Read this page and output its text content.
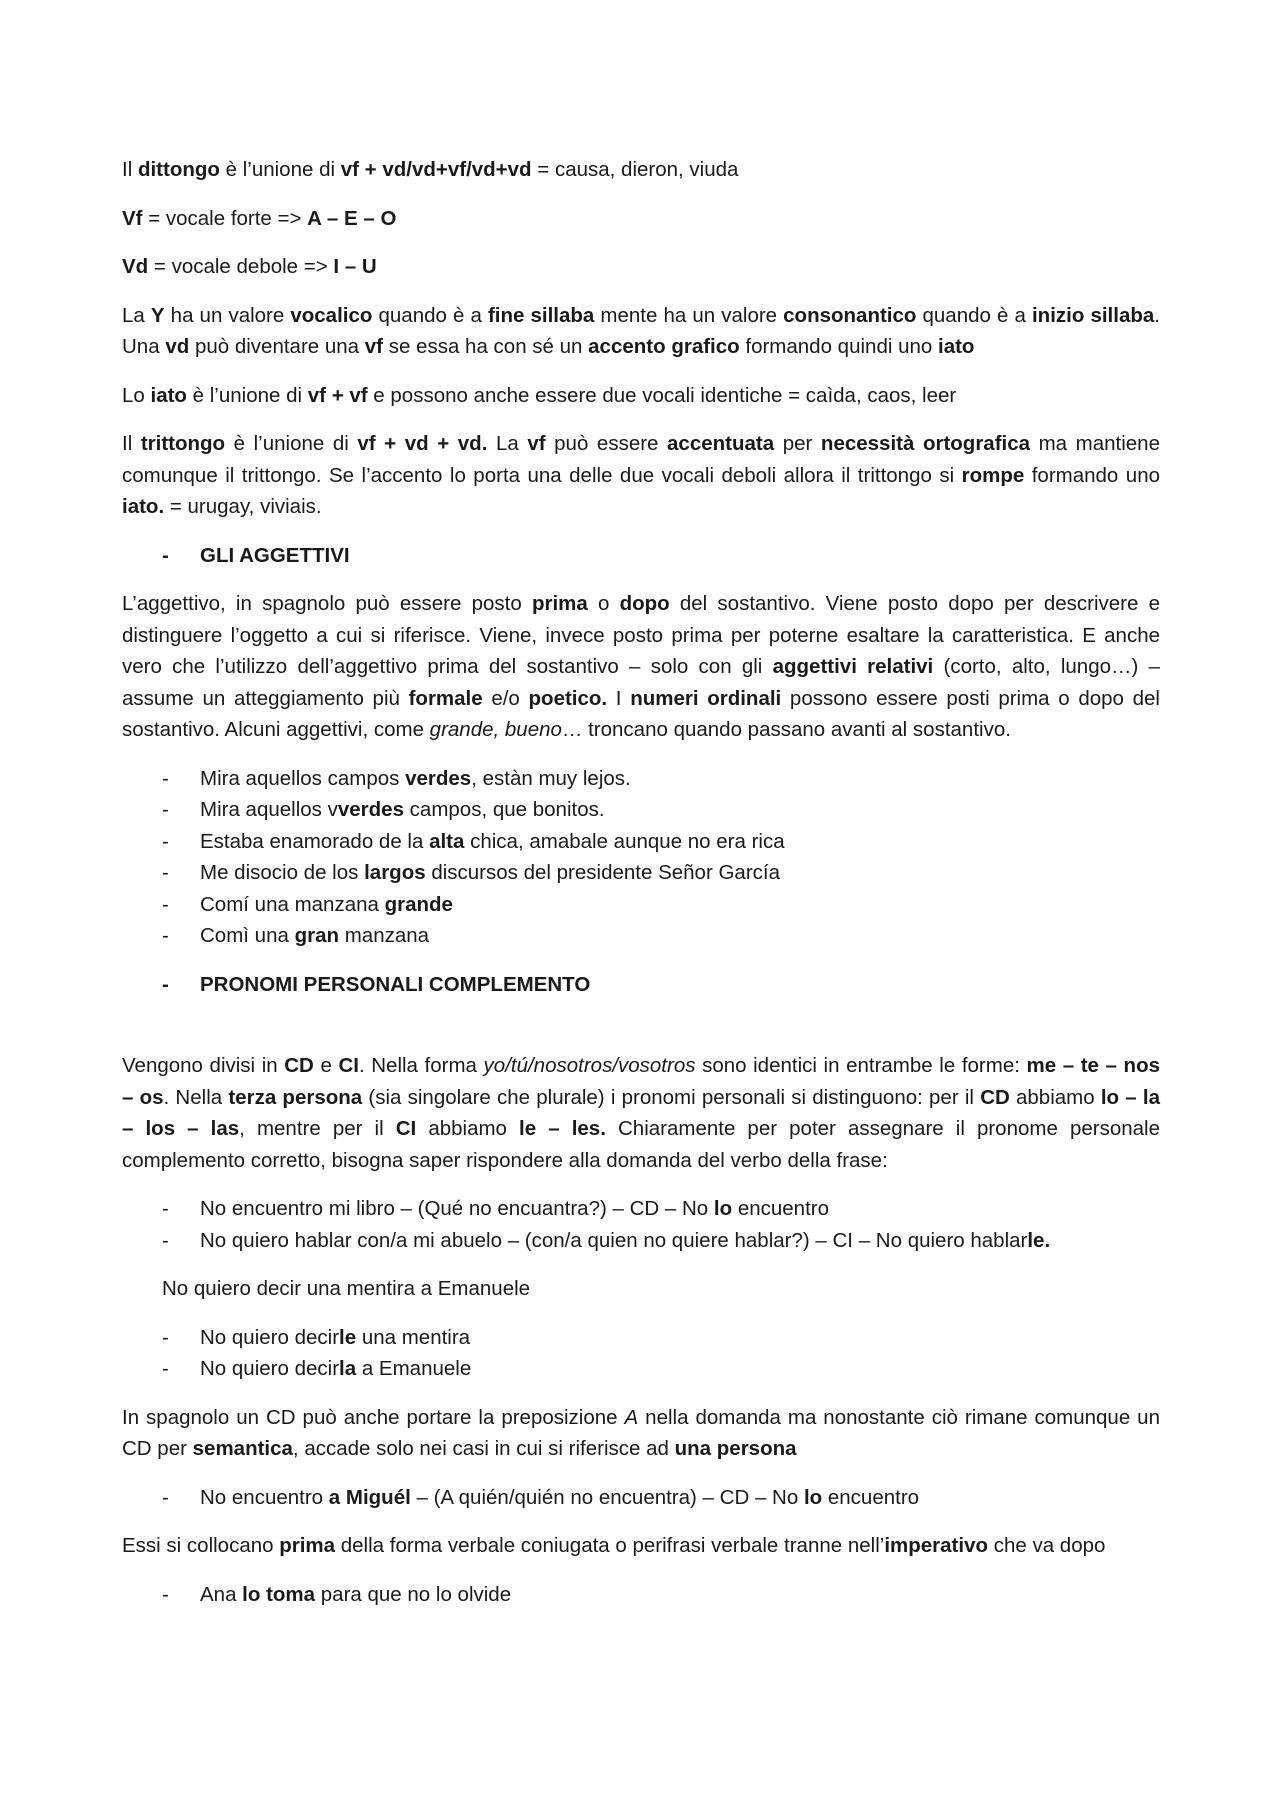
Il dittongo è l’unione di vf + vd/vd+vf/vd+vd = causa, dieron, viuda

Vf = vocale forte => A – E – O

Vd = vocale debole => I – U

La Y ha un valore vocalico quando è a fine sillaba mente ha un valore consonantico quando è a inizio sillaba. Una vd può diventare una vf se essa ha con sé un accento grafico formando quindi uno iato

Lo iato è l’unione di vf + vf e possono anche essere due vocali identiche = caìda, caos, leer

Il trittongo è l’unione di vf + vd + vd. La vf può essere accentuata per necessità ortografica ma mantiene comunque il trittongo. Se l’accento lo porta una delle due vocali deboli allora il trittongo si rompe formando uno iato. = urugay, viviais.

- GLI AGGETTIVI

L’aggettivo, in spagnolo può essere posto prima o dopo del sostantivo. Viene posto dopo per descrivere e distinguere l’oggetto a cui si riferisce. Viene, invece posto prima per poterne esaltare la caratteristica. E anche vero che l’utilizzo dell’aggettivo prima del sostantivo – solo con gli aggettivi relativi (corto, alto, lungo…) – assume un atteggiamento più formale e/o poetico. I numeri ordinali possono essere posti prima o dopo del sostantivo. Alcuni aggettivi, come grande, bueno… troncano quando passano avanti al sostantivo.

- Mira aquellos campos verdes, estàn muy lejos.
- Mira aquellos vverdes campos, que bonitos.
- Estaba enamorado de la alta chica, amabale aunque no era rica
- Me disocio de los largos discursos del presidente Señor García
- Comí una manzana grande
- Comì una gran manzana
- PRONOMI PERSONALI COMPLEMENTO

Vengono divisi in CD e CI. Nella forma yo/tú/nosotros/vosotros sono identici in entrambe le forme: me – te – nos – os. Nella terza persona (sia singolare che plurale) i pronomi personali si distinguono: per il CD abbiamo lo – la – los – las, mentre per il CI abbiamo le – les. Chiaramente per poter assegnare il pronome personale complemento corretto, bisogna saper rispondere alla domanda del verbo della frase:

- No encuentro mi libro – (Qué no encuantra?) – CD – No lo encuentro
- No quiero hablar con/a mi abuelo – (con/a quien no quiere hablar?) – CI – No quiero hablarle.

No quiero decir una mentira a Emanuele

- No quiero decirle una mentira
- No quiero decirla a Emanuele

In spagnolo un CD può anche portare la preposizione A nella domanda ma nonostante ciò rimane comunque un CD per semantica, accade solo nei casi in cui si riferisce ad una persona

- No encuentro a Miguél – (A quién/quién no encuentra) – CD – No lo encuentro

Essi si collocano prima della forma verbale coniugata o perifrasi verbale tranne nell’imperativo che va dopo

- Ana lo toma para que no lo olvide
